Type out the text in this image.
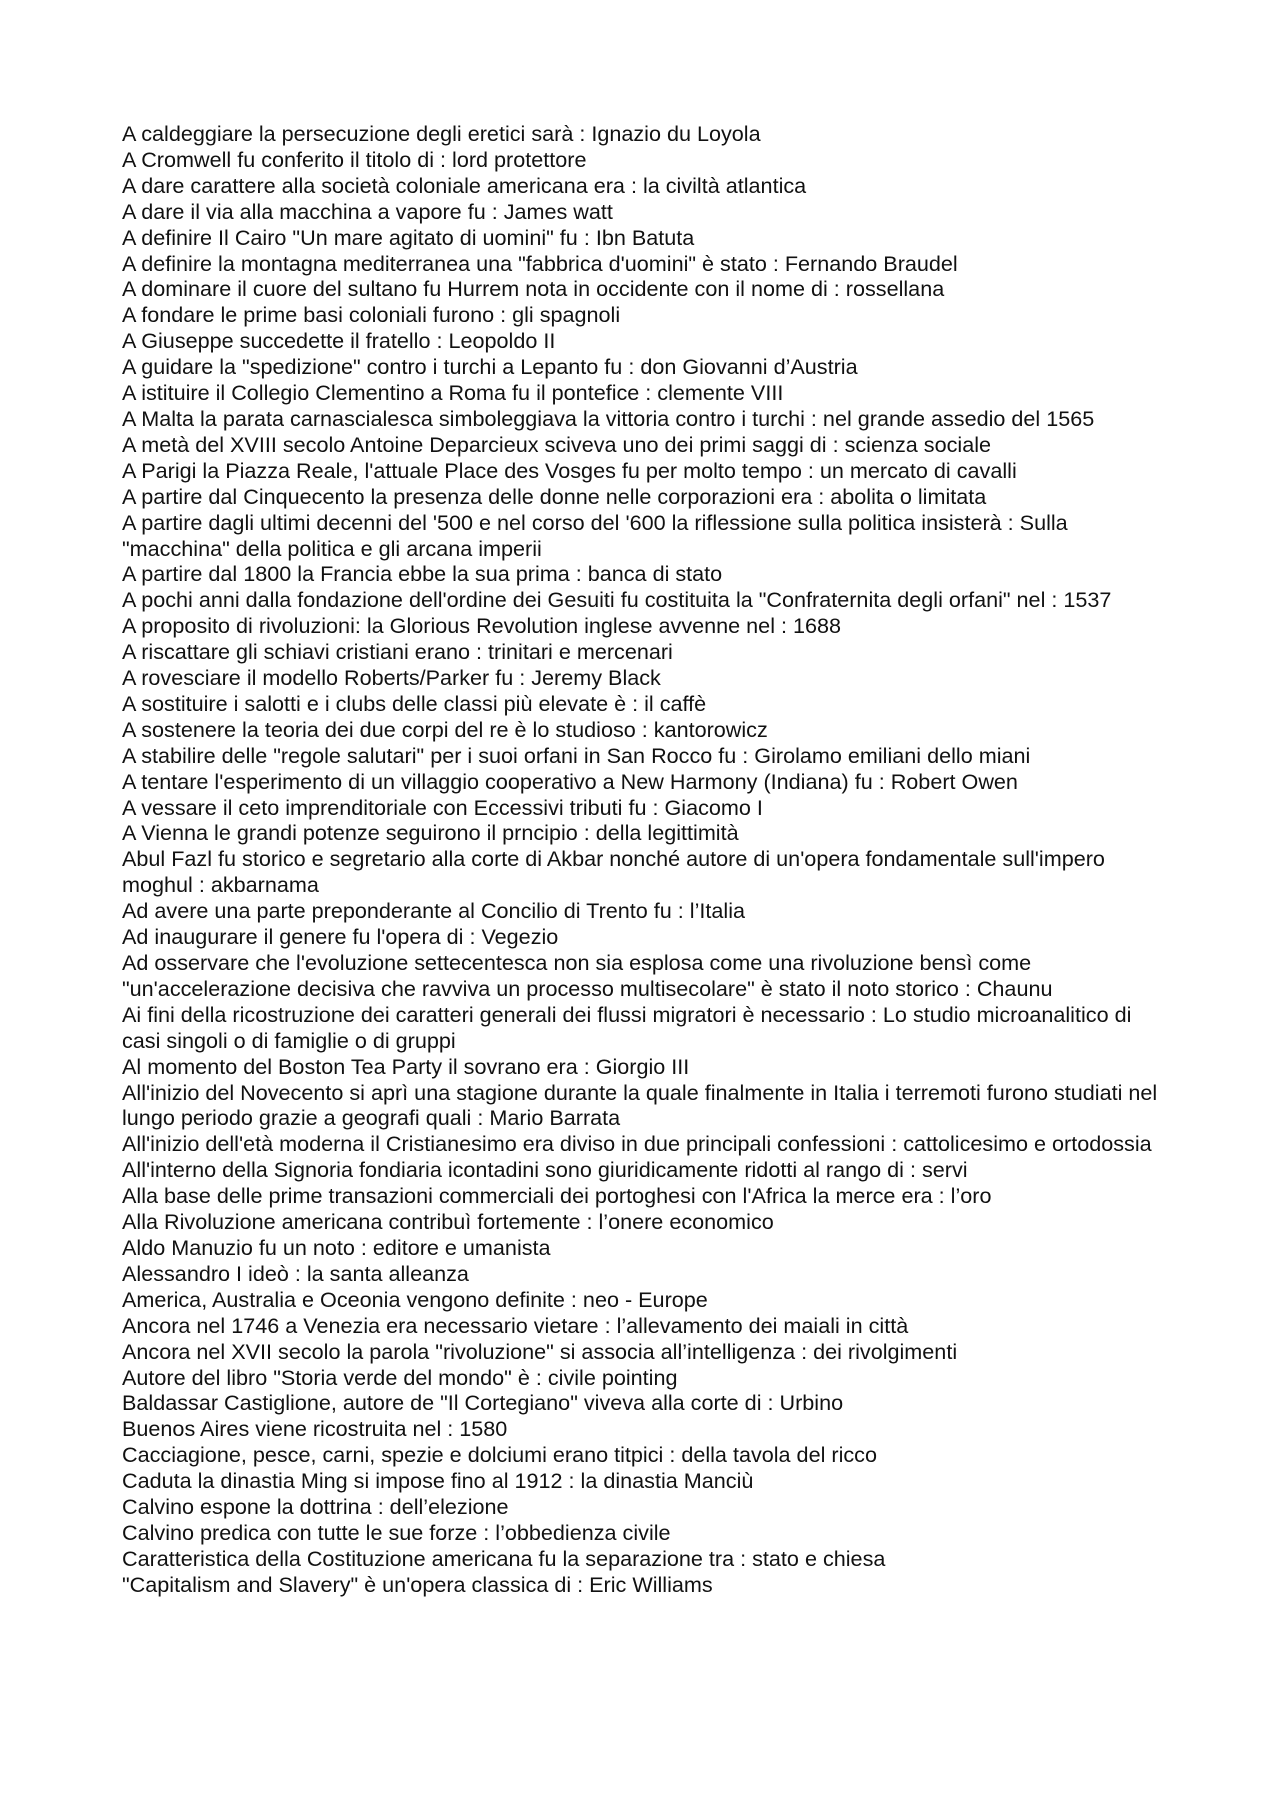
A caldeggiare la persecuzione degli eretici sarà : Ignazio du Loyola

A Cromwell fu conferito il titolo di : lord protettore

A dare carattere alla società coloniale americana era : la civiltà atlantica

A dare il via alla macchina a vapore fu : James watt

A definire Il Cairo "Un mare agitato di uomini" fu : Ibn Batuta

A definire la montagna mediterranea una "fabbrica d'uomini" è stato : Fernando Braudel

A dominare il cuore del sultano fu Hurrem nota in occidente con il nome di : rossellana

A fondare le prime basi coloniali furono : gli spagnoli

A Giuseppe succedette il fratello : Leopoldo II

A guidare la "spedizione" contro i turchi a Lepanto fu : don Giovanni d’Austria

A istituire il Collegio Clementino a Roma fu il pontefice : clemente VIII

A Malta la parata carnascialesca simboleggiava la vittoria contro i turchi : nel grande assedio del 1565

A metà del XVIII secolo Antoine Deparcieux sciveva uno dei primi saggi di : scienza sociale

A Parigi la Piazza Reale, l'attuale Place des Vosges fu per molto tempo : un mercato di cavalli

A partire dal Cinquecento la presenza delle donne nelle corporazioni era : abolita o limitata

A partire dagli ultimi decenni del '500 e nel corso del '600 la riflessione sulla politica insisterà : Sulla "macchina" della politica e gli arcana imperii

A partire dal 1800 la Francia ebbe la sua prima : banca di stato

A pochi anni dalla fondazione dell'ordine dei Gesuiti fu costituita la "Confraternita degli orfani" nel : 1537

A proposito di rivoluzioni: la Glorious Revolution inglese avvenne nel : 1688

A riscattare gli schiavi cristiani erano : trinitari e mercenari

A rovesciare il modello Roberts/Parker fu : Jeremy Black

A sostituire i salotti e i clubs delle classi più elevate è : il caffè

A sostenere la teoria dei due corpi del re è lo studioso : kantorowicz

A stabilire delle "regole salutari" per i suoi orfani in San Rocco fu : Girolamo emiliani dello miani

A tentare l'esperimento di un villaggio cooperativo a New Harmony (Indiana) fu : Robert Owen

A vessare il ceto imprenditoriale con Eccessivi tributi fu : Giacomo I

A Vienna le grandi potenze seguirono il prncipio : della legittimità

Abul Fazl fu storico e segretario alla corte di Akbar nonché autore di un'opera fondamentale sull'impero moghul : akbarnama

Ad avere una parte preponderante al Concilio di Trento fu : l’Italia

Ad inaugurare il genere fu l'opera di : Vegezio

Ad osservare che l'evoluzione settecentesca non sia esplosa come una rivoluzione bensì come "un'accelerazione decisiva che ravviva un processo multisecolare" è stato il noto storico : Chaunu

Ai fini della ricostruzione dei caratteri generali dei flussi migratori è necessario : Lo studio microanalitico di casi singoli o di famiglie o di gruppi

Al momento del Boston Tea Party il sovrano era : Giorgio III

All'inizio del Novecento si aprì una stagione durante la quale finalmente in Italia i terremoti furono studiati nel lungo periodo grazie a geografi quali : Mario Barrata

All'inizio dell'età moderna il Cristianesimo era diviso in due principali confessioni : cattolicesimo e ortodossia

All'interno della Signoria fondiaria icontadini sono giuridicamente ridotti al rango di : servi

Alla base delle prime transazioni commerciali dei portoghesi con l'Africa la merce era : l’oro

Alla Rivoluzione americana contribuì fortemente : l’onere economico

Aldo Manuzio fu un noto : editore e umanista

Alessandro I ideò : la santa alleanza

America, Australia e Oceonia vengono definite : neo - Europe

Ancora nel 1746 a Venezia era necessario vietare : l’allevamento dei maiali in città

Ancora nel XVII secolo la parola "rivoluzione" si associa all’intelligenza : dei rivolgimenti

Autore del libro "Storia verde del mondo" è : civile pointing

Baldassar Castiglione, autore de "Il Cortegiano" viveva alla corte di : Urbino

Buenos Aires viene ricostruita nel : 1580

Cacciagione, pesce, carni, spezie e dolciumi erano titpici : della tavola del ricco

Caduta la dinastia Ming si impose fino al 1912 : la dinastia Manciù

Calvino espone la dottrina : dell’elezione

Calvino predica con tutte le sue forze : l’obbedienza civile

Caratteristica della Costituzione americana fu la separazione tra : stato e chiesa

"Capitalism and Slavery" è un'opera classica di : Eric Williams
